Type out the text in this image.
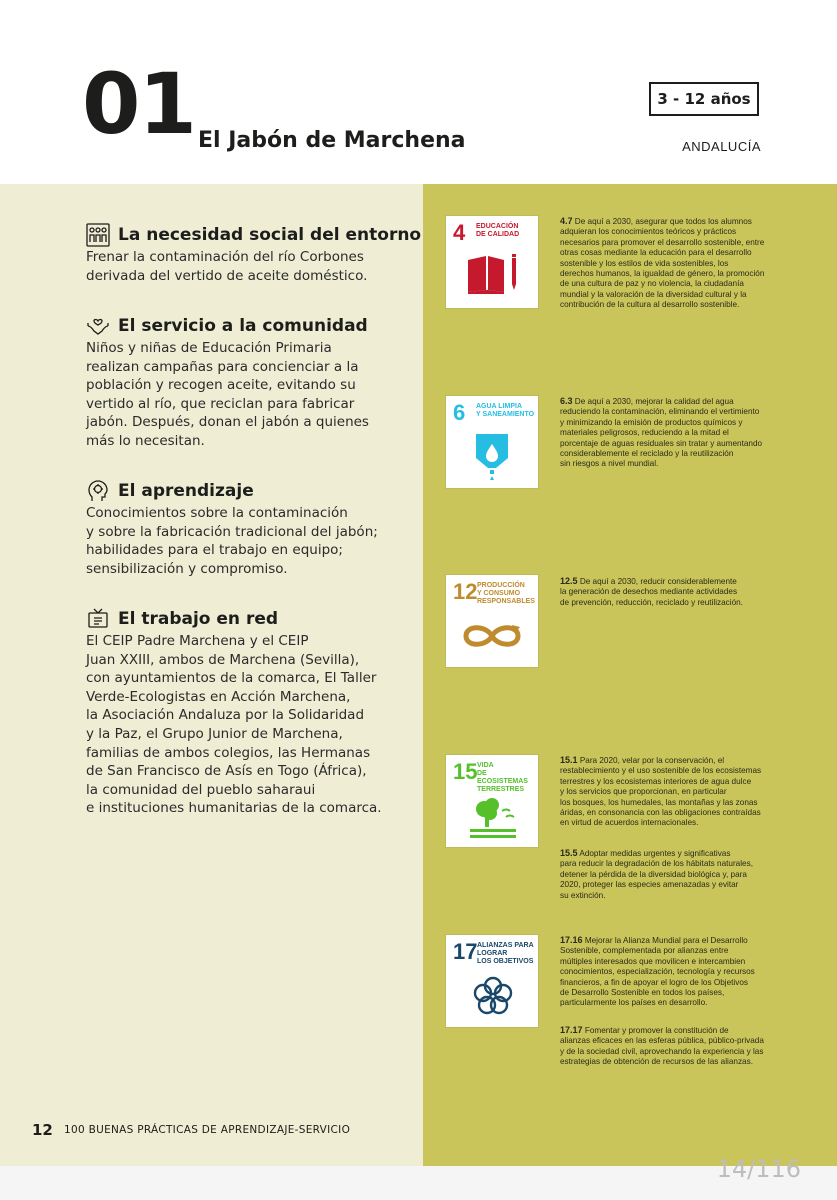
01 El Jabón de Marchena
3 - 12 años
ANDALUCÍA
La necesidad social del entorno
Frenar la contaminación del río Corbones
derivada del vertido de aceite doméstico.
El servicio a la comunidad
Niños y niñas de Educación Primaria
realizan campañas para concienciar a la
población y recogen aceite, evitando su
vertido al río, que reciclan para fabricar
jabón. Después, donan el jabón a quienes
más lo necesitan.
El aprendizaje
Conocimientos sobre la contaminación
y sobre la fabricación tradicional del jabón;
habilidades para el trabajo en equipo;
sensibilización y compromiso.
El trabajo en red
El CEIP Padre Marchena y el CEIP
Juan XXIII, ambos de Marchena (Sevilla),
con ayuntamientos de la comarca, El Taller
Verde-Ecologistas en Acción Marchena,
la Asociación Andaluza por la Solidaridad
y la Paz, el Grupo Junior de Marchena,
familias de ambos colegios, las Hermanas
de San Francisco de Asís en Togo (África),
la comunidad del pueblo saharaui
e instituciones humanitarias de la comarca.
4 EDUCACIÓN
DE CALIDAD
6 AGUA LIMPIA
Y SANEAMIENTO
12 PRODUCCIÓN
Y CONSUMO
RESPONSABLES
15 VIDA
DE ECOSISTEMAS
TERRESTRES
17 ALIANZAS PARA
LOGRAR
LOS OBJETIVOS
4.7 De aquí a 2030, asegurar que todos los alumnos
adquieran los conocimientos teóricos y prácticos
necesarios para promover el desarrollo sostenible, entre
otras cosas mediante la educación para el desarrollo
sostenible y los estilos de vida sostenibles, los
derechos humanos, la igualdad de género, la promoción
de una cultura de paz y no violencia, la ciudadanía
mundial y la valoración de la diversidad cultural y la
contribución de la cultura al desarrollo sostenible.
6.3 De aquí a 2030, mejorar la calidad del agua
reduciendo la contaminación, eliminando el vertimiento
y minimizando la emisión de productos químicos y
materiales peligrosos, reduciendo a la mitad el
porcentaje de aguas residuales sin tratar y aumentando
considerablemente el reciclado y la reutilización
sin riesgos a nivel mundial.
12.5 De aquí a 2030, reducir considerablemente
la generación de desechos mediante actividades
de prevención, reducción, reciclado y reutilización.
15.1 Para 2020, velar por la conservación, el
restablecimiento y el uso sostenible de los ecosistemas
terrestres y los ecosistemas interiores de agua dulce
y los servicios que proporcionan, en particular
los bosques, los humedales, las montañas y las zonas
áridas, en consonancia con las obligaciones contraídas
en virtud de acuerdos internacionales.
15.5 Adoptar medidas urgentes y significativas
para reducir la degradación de los hábitats naturales,
detener la pérdida de la diversidad biológica y, para
2020, proteger las especies amenazadas y evitar
su extinción.
17.16 Mejorar la Alianza Mundial para el Desarrollo
Sostenible, complementada por alianzas entre
múltiples interesados que movilicen e intercambien
conocimientos, especialización, tecnología y recursos
financieros, a fin de apoyar el logro de los Objetivos
de Desarrollo Sostenible en todos los países,
particularmente los países en desarrollo.
17.17 Fomentar y promover la constitución de
alianzas eficaces en las esferas pública, público-privada
y de la sociedad civil, aprovechando la experiencia y las
estrategias de obtención de recursos de las alianzas.
12 100 BUENAS PRÁCTICAS DE APRENDIZAJE-SERVICIO
14/116
